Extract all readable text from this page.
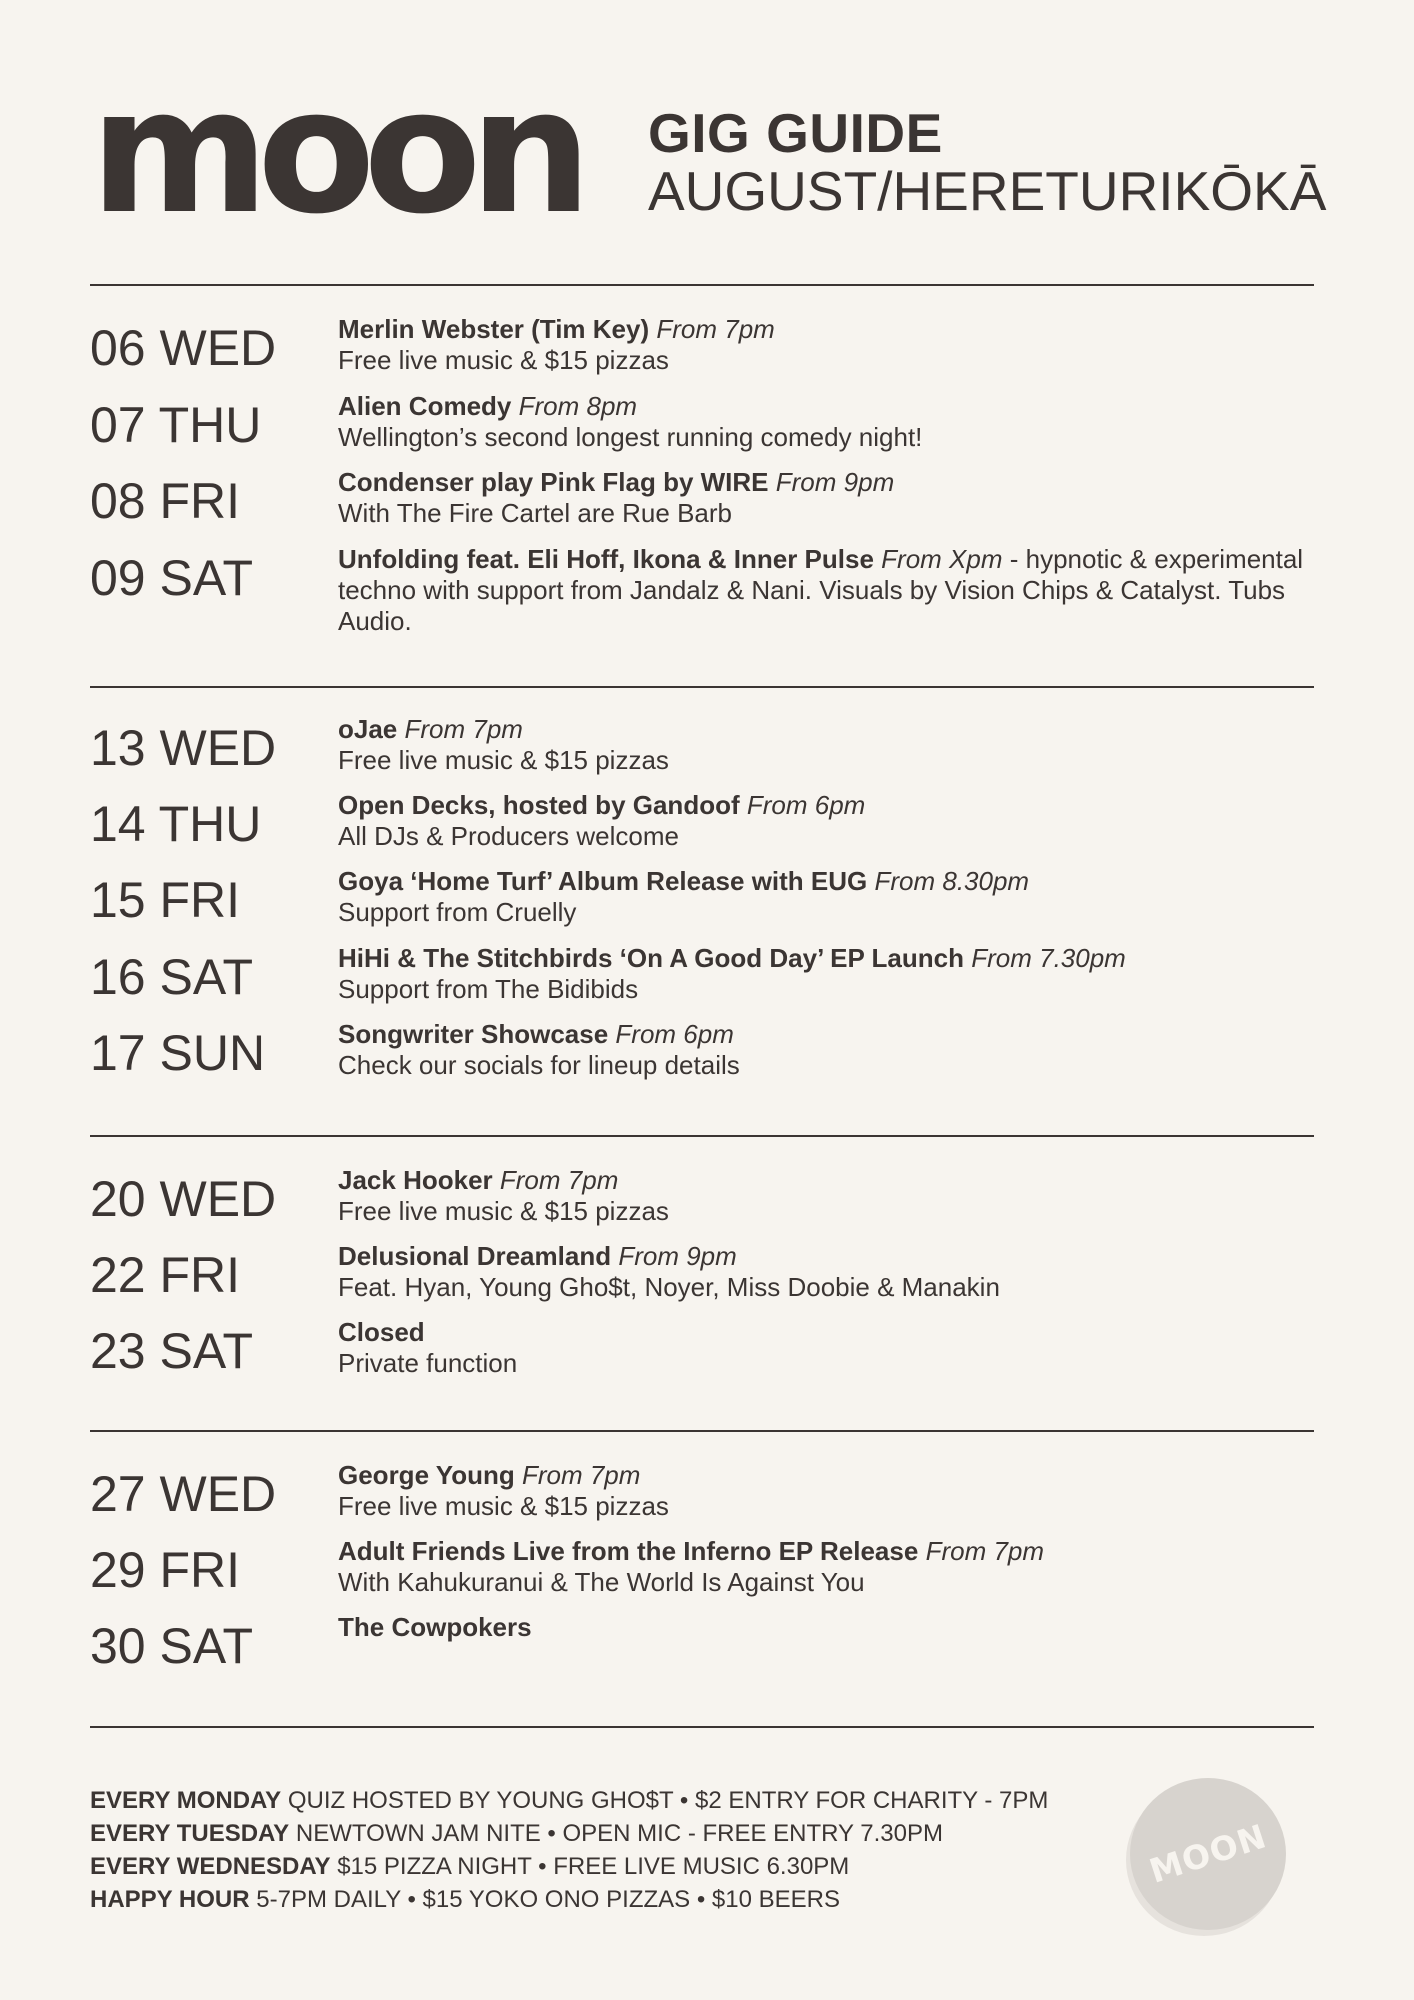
moon GIG GUIDE
AUGUST/HERETURIKŌKĀ
06 WED Merlin Webster (Tim Key) From 7pm
Free live music & $15 pizzas
07 THU	Alien Comedy From 8pm
Wellington’s second longest running comedy night!
08 FRI	Condenser play Pink Flag by WIRE From 9pm
With The Fire Cartel are Rue Barb
09 SAT	Unfolding feat. Eli Hoff, Ikona & Inner Pulse From Xpm - hypnotic & experimental techno with support from Jandalz & Nani. Visuals by Vision Chips & Catalyst. Tubs Audio.
13 WED oJae From 7pm
Free live music & $15 pizzas
14 THU	Open Decks, hosted by Gandoof From 6pm
All DJs & Producers welcome
15 FRI	Goya ‘Home Turf’ Album Release with EUG From 8.30pm
Support from Cruelly
16 SAT	HiHi & The Stitchbirds ‘On A Good Day’ EP Launch From 7.30pm
Support from The Bidibids
17 SUN	Songwriter Showcase From 6pm
Check our socials for lineup details
20 WED Jack Hooker From 7pm
Free live music & $15 pizzas
22 FRI	Delusional Dreamland From 9pm
Feat. Hyan, Young Gho$t, Noyer, Miss Doobie & Manakin
23 SAT	Closed
Private function
27 WED George Young From 7pm
Free live music & $15 pizzas
29 FRI	Adult Friends Live from the Inferno EP Release From 7pm
With Kahukuranui & The World Is Against You
30 SAT	The Cowpokers
EVERY MONDAY QUIZ HOSTED BY YOUNG GHO$T • $2 ENTRY FOR CHARITY - 7PM
EVERY TUESDAY NEWTOWN JAM NITE • OPEN MIC - FREE ENTRY 7.30PM
EVERY WEDNESDAY $15 PIZZA NIGHT • FREE LIVE MUSIC 6.30PM
HAPPY HOUR 5-7PM DAILY • $15 YOKO ONO PIZZAS • $10 BEERS
MOON
